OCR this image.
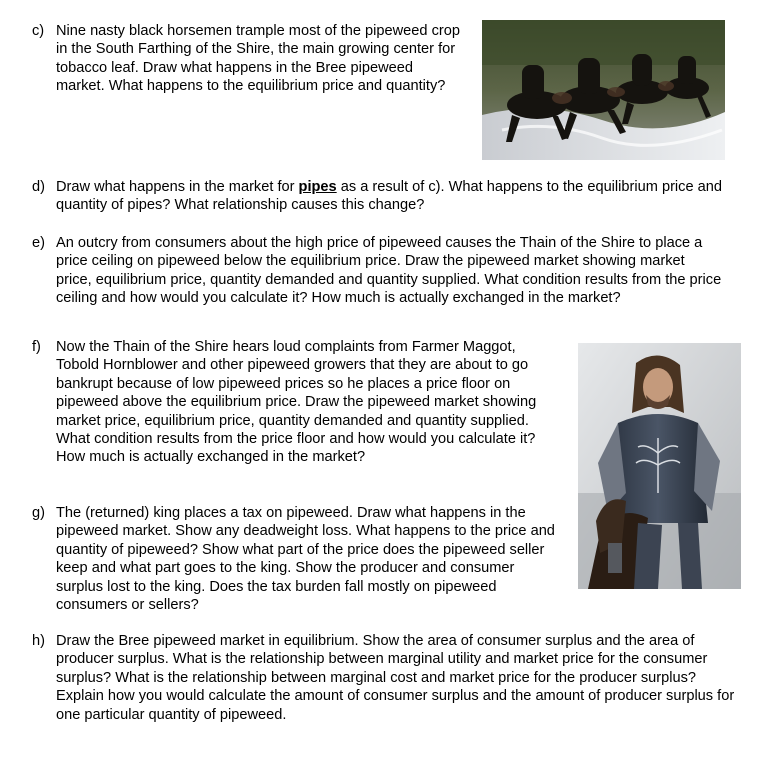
c) Nine nasty black horsemen trample most of the pipeweed crop in the South Farthing of the Shire, the main growing center for tobacco leaf. Draw what happens in the Bree pipeweed market. What happens to the equilibrium price and quantity?
d) Draw what happens in the market for pipes as a result of c). What happens to the equilibrium price and quantity of pipes? What relationship causes this change?
e) An outcry from consumers about the high price of pipeweed causes the Thain of the Shire to place a price ceiling on pipeweed below the equilibrium price. Draw the pipeweed market showing market price, equilibrium price, quantity demanded and quantity supplied. What condition results from the price ceiling and how would you calculate it? How much is actually exchanged in the market?
f)	Now the Thain of the Shire hears loud complaints from Farmer Maggot, Tobold Hornblower and other pipeweed growers that they are about to go bankrupt because of low pipeweed prices so he places a price floor on pipeweed above the equilibrium price. Draw the pipeweed market showing market price, equilibrium price, quantity demanded and quantity supplied. What condition results from the price floor and how would you calculate it? How much is actually exchanged in the market?
g) The (returned) king places a tax on pipeweed. Draw what happens in the pipeweed market. Show any deadweight loss. What happens to the price and quantity of pipeweed? Show what part of the price does the pipeweed seller keep and what part goes to the king. Show the producer and consumer surplus lost to the king. Does the tax burden fall mostly on pipeweed consumers or sellers?
h) Draw the Bree pipeweed market in equilibrium. Show the area of consumer surplus and the area of producer surplus. What is the relationship between marginal utility and market price for the consumer surplus? What is the relationship between marginal cost and market price for the producer surplus? Explain how you would calculate the amount of consumer surplus and the amount of producer surplus for one particular quantity of pipeweed.
